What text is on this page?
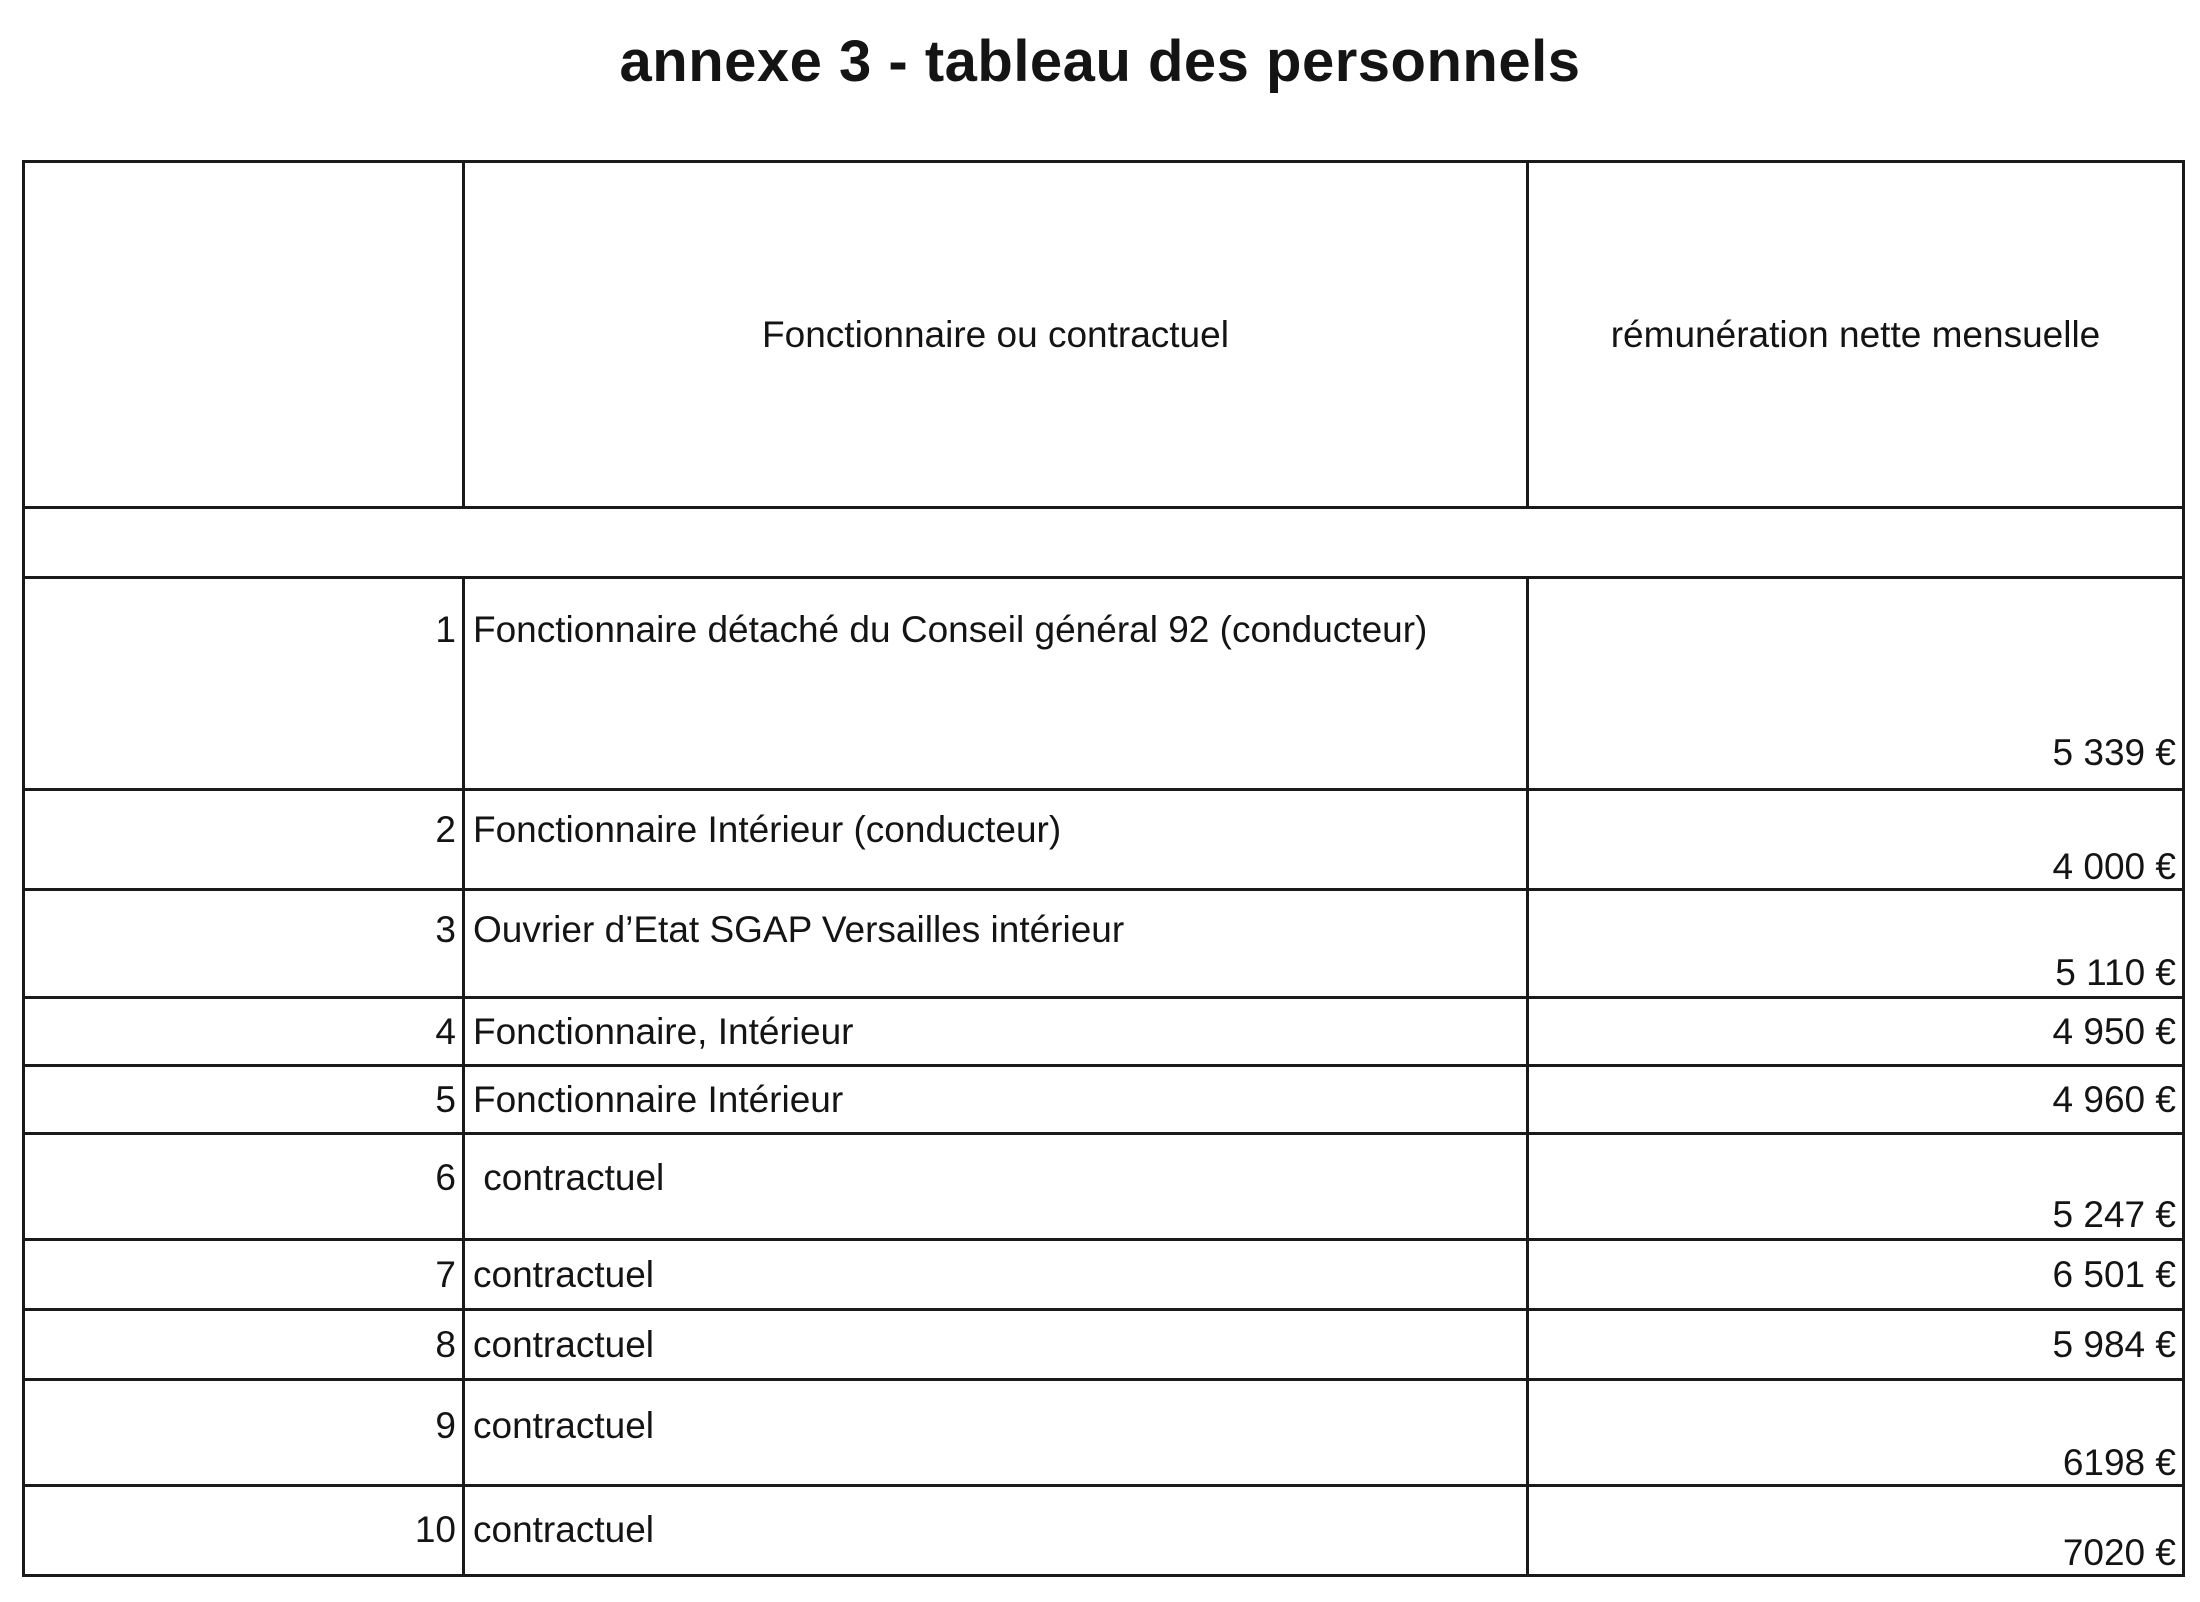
annexe 3 - tableau des personnels
	Fonctionnaire ou contractuel	rémunération nette mensuelle

1	Fonctionnaire détaché du Conseil général 92 (conducteur)	5 339 €
2	Fonctionnaire Intérieur (conducteur)	4 000 €
3	Ouvrier d’Etat SGAP Versailles intérieur	5 110 €
4	Fonctionnaire, Intérieur	4 950 €
5	Fonctionnaire Intérieur	4 960 €
6	contractuel	5 247 €
7	contractuel	6 501 €
8	contractuel	5 984 €
9	contractuel	6198 €
10	contractuel	7020 €
